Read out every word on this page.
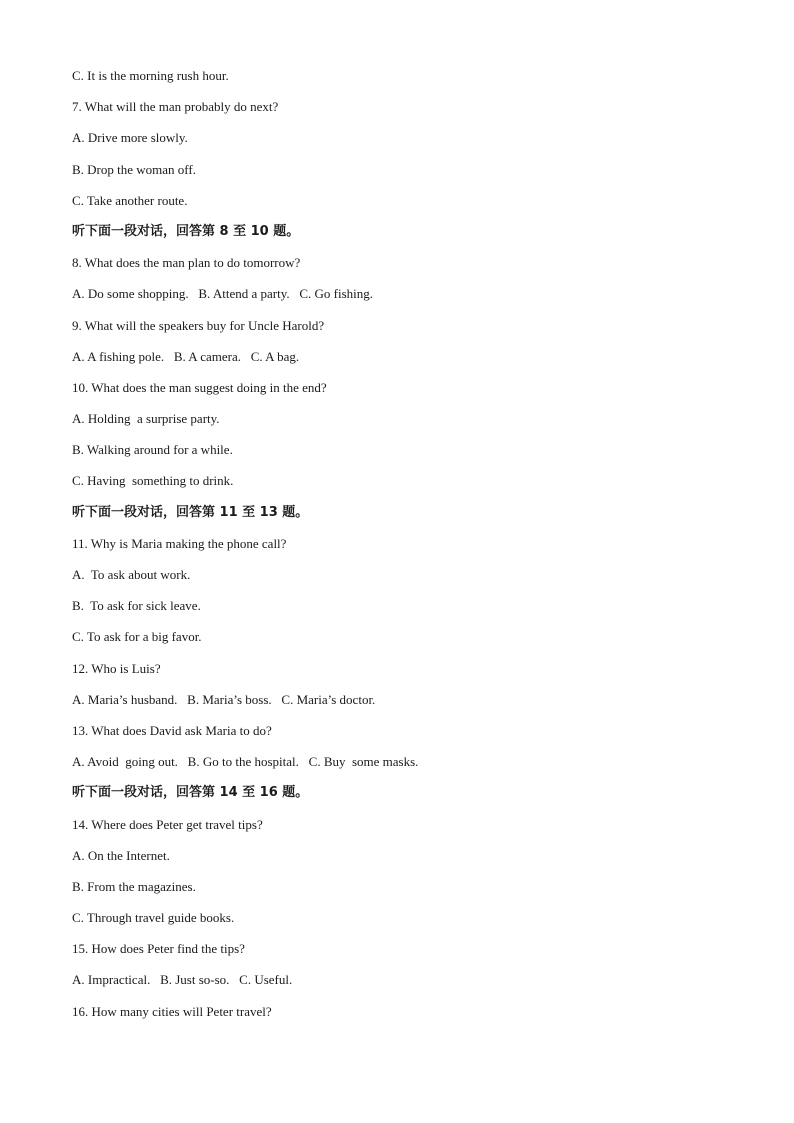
C. It is the morning rush hour.
7. What will the man probably do next?
A. Drive more slowly.
B. Drop the woman off.
C. Take another route.
听下面一段对话，回答第 8 至 10 题。
8. What does the man plan to do tomorrow?
A. Do some shopping.   B. Attend a party.   C. Go fishing.
9. What will the speakers buy for Uncle Harold?
A. A fishing pole.   B. A camera.   C. A bag.
10. What does the man suggest doing in the end?
A. Holding  a surprise party.
B. Walking around for a while.
C. Having  something to drink.
听下面一段对话，回答第 11 至 13 题。
11. Why is Maria making the phone call?
A.  To ask about work.
B.  To ask for sick leave.
C. To ask for a big favor.
12. Who is Luis?
A. Maria’s husband.   B. Maria’s boss.   C. Maria’s doctor.
13. What does David ask Maria to do?
A. Avoid  going out.   B. Go to the hospital.   C. Buy  some masks.
听下面一段对话，回答第 14 至 16 题。
14. Where does Peter get travel tips?
A. On the Internet.
B. From the magazines.
C. Through travel guide books.
15. How does Peter find the tips?
A. Impractical.   B. Just so-so.   C. Useful.
16. How many cities will Peter travel?
